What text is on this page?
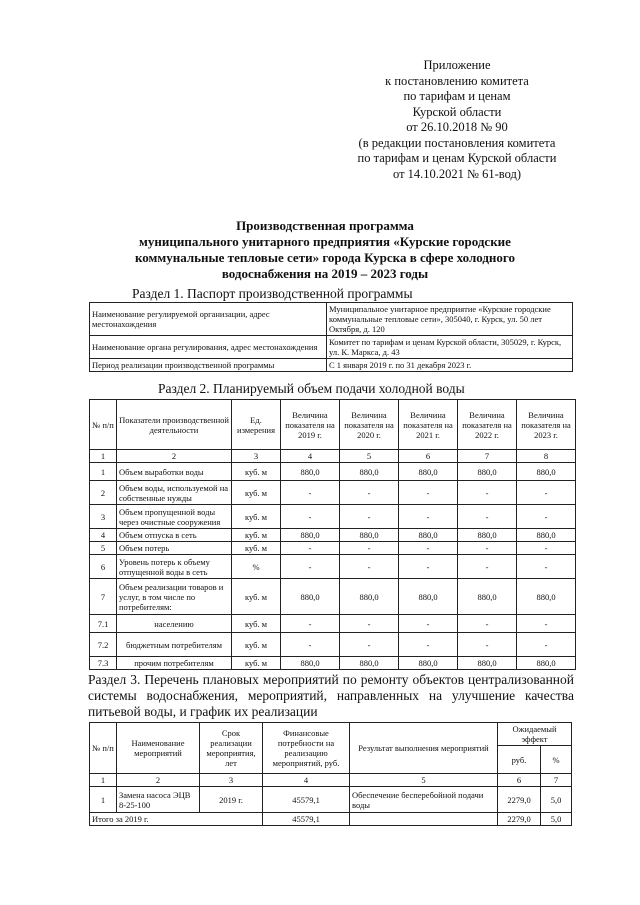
Приложение
к постановлению комитета
по тарифам и ценам
Курской области
от 26.10.2018 № 90
(в редакции постановления комитета
по тарифам и ценам Курской области
от 14.10.2021 № 61-вод)
Производственная программа
муниципального унитарного предприятия «Курские городские
коммунальные тепловые сети» города Курска в сфере холодного
водоснабжения на 2019 – 2023 годы
Раздел 1. Паспорт производственной программы
Наименование регулируемой организации, адрес местонахождения	Муниципальное унитарное предприятие «Курские городские коммунальные тепловые сети», 305040, г. Курск, ул. 50 лет Октября, д. 120
Наименование органа регулирования, адрес местонахождения	Комитет по тарифам и ценам Курской области, 305029, г. Курск, ул. К. Маркса, д. 43
Период реализации производственной программы	С 1 января 2019 г. по 31 декабря 2023 г.
Раздел 2. Планируемый объем подачи холодной воды
№ п/п	Показатели производственной деятельности	Ед. измерения	Величина показателя на 2019 г.	Величина показателя на 2020 г.	Величина показателя на 2021 г.	Величина показателя на 2022 г.	Величина показателя на 2023 г.
1	2	3	4	5	6	7	8
1	Объем выработки воды	куб. м	880,0	880,0	880,0	880,0	880,0
2	Объем воды, используемой на собственные нужды	куб. м	-	-	-	-	-
3	Объем пропущенной воды через очистные сооружения	куб. м	-	-	-	-	-
4	Объем отпуска в сеть	куб. м	880,0	880,0	880,0	880,0	880,0
5	Объем потерь	куб. м	-	-	-	-	-
6	Уровень потерь к объему отпущенной воды в сеть	%	-	-	-	-	-
7	Объем реализации товаров и услуг, в том числе по потребителям:	куб. м	880,0	880,0	880,0	880,0	880,0
7.1	населению	куб. м	-	-	-	-	-
7.2	бюджетным потребителям	куб. м	-	-	-	-	-
7.3	прочим потребителям	куб. м	880,0	880,0	880,0	880,0	880,0
Раздел 3. Перечень плановых мероприятий по ремонту объектов централизованной системы водоснабжения, мероприятий, направленных на улучшение качества питьевой воды, и график их реализации
№ п/п	Наименование мероприятий	Срок реализации мероприятия, лет	Финансовые потребности на реализацию мероприятий, руб.	Результат выполнения мероприятий	Ожидаемый эффект	
					руб.	%
1	2	3	4	5	6	7
1	Замена насоса ЭЦВ 8-25-100	2019 г.	45579,1	Обеспечение бесперебойной подачи воды	2279,0	5,0
Итого за 2019 г.			45579,1		2279,0	5,0
